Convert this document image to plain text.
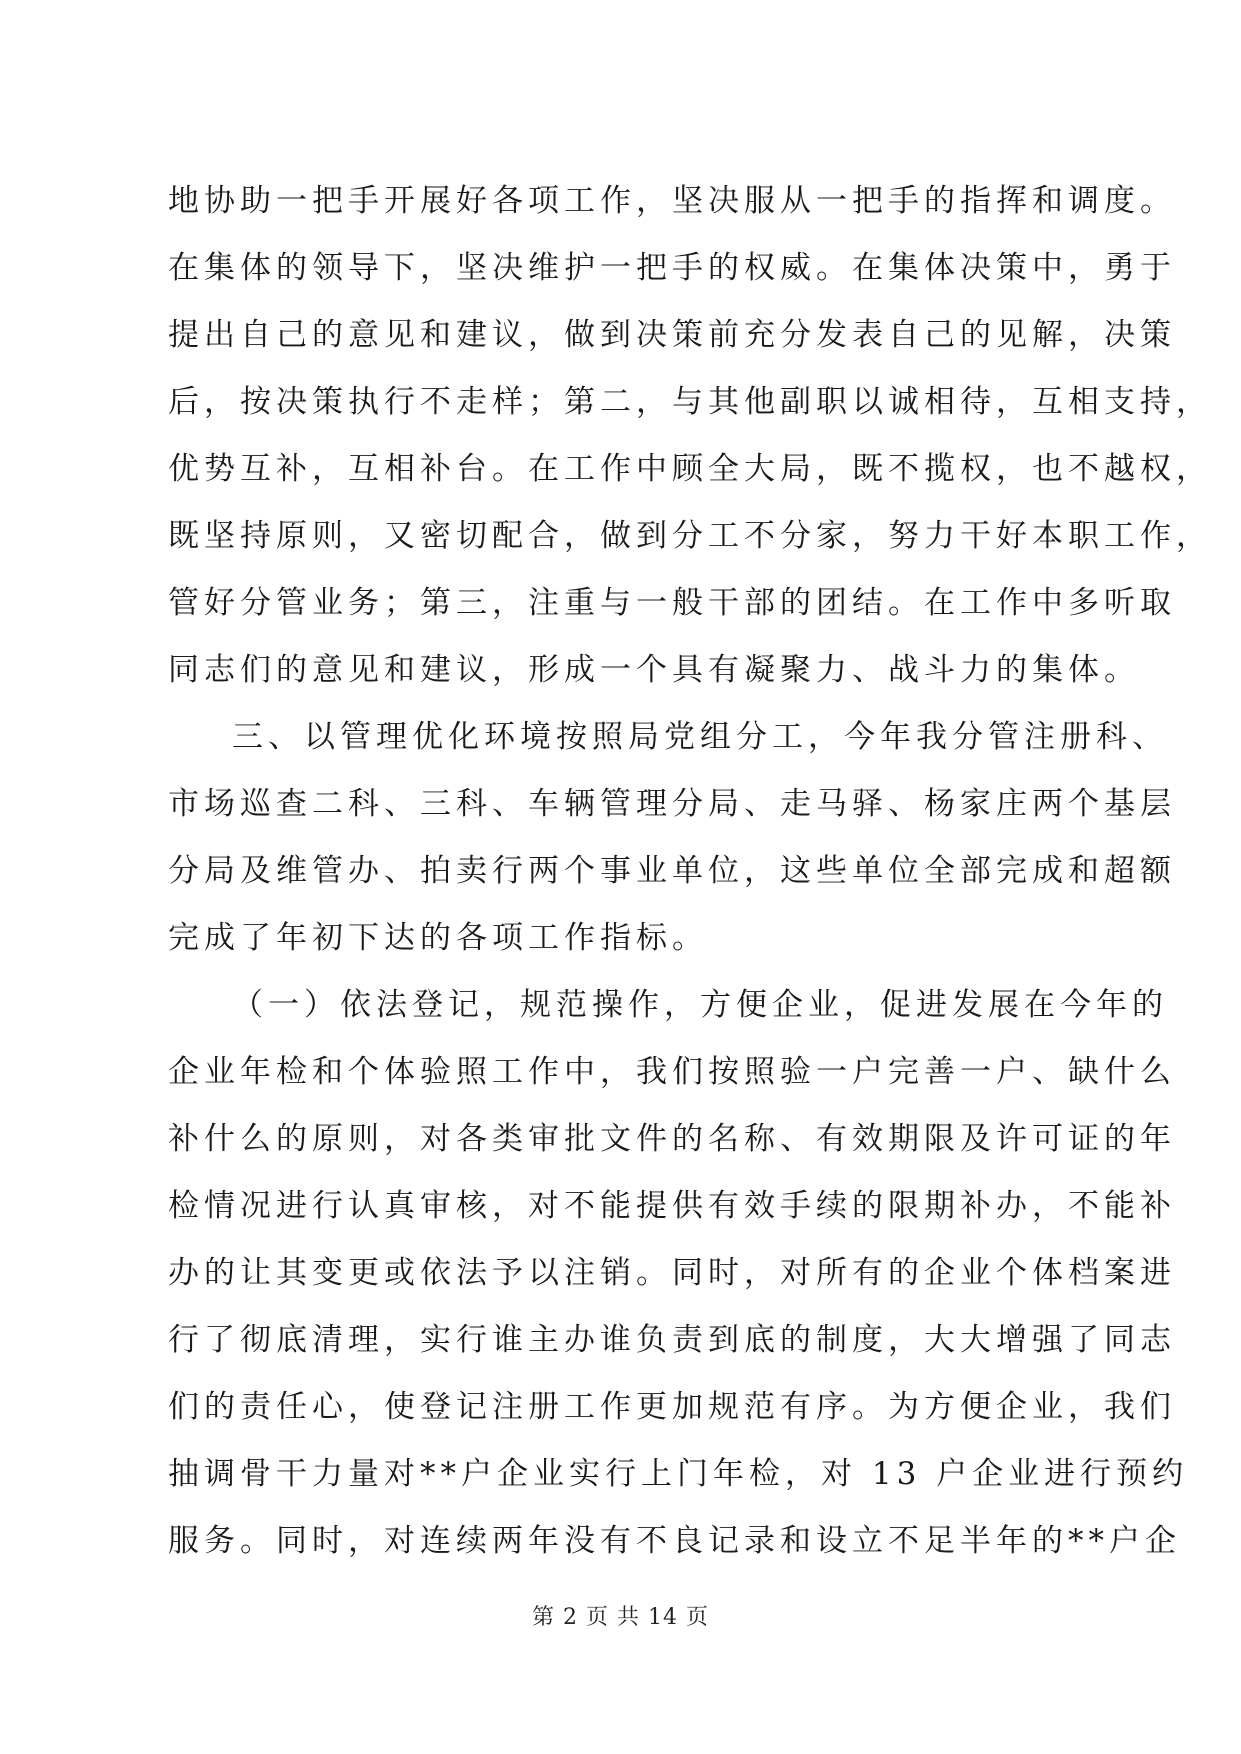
地协助一把手开展好各项工作，坚决服从一把手的指挥和调度。
在集体的领导下，坚决维护一把手的权威。在集体决策中，勇于
提出自己的意见和建议，做到决策前充分发表自己的见解，决策
后，按决策执行不走样；第二，与其他副职以诚相待，互相支持，
优势互补，互相补台。在工作中顾全大局，既不揽权，也不越权，
既坚持原则，又密切配合，做到分工不分家，努力干好本职工作，
管好分管业务；第三，注重与一般干部的团结。在工作中多听取
同志们的意见和建议，形成一个具有凝聚力、战斗力的集体。
三、以管理优化环境按照局党组分工，今年我分管注册科、
市场巡查二科、三科、车辆管理分局、走马驿、杨家庄两个基层
分局及维管办、拍卖行两个事业单位，这些单位全部完成和超额
完成了年初下达的各项工作指标。
（一）依法登记，规范操作，方便企业，促进发展在今年的
企业年检和个体验照工作中，我们按照验一户完善一户、缺什么
补什么的原则，对各类审批文件的名称、有效期限及许可证的年
检情况进行认真审核，对不能提供有效手续的限期补办，不能补
办的让其变更或依法予以注销。同时，对所有的企业个体档案进
行了彻底清理，实行谁主办谁负责到底的制度，大大增强了同志
们的责任心，使登记注册工作更加规范有序。为方便企业，我们
抽调骨干力量对**户企业实行上门年检，对 13 户企业进行预约
服务。同时，对连续两年没有不良记录和设立不足半年的**户企
第 2 页 共 14 页
